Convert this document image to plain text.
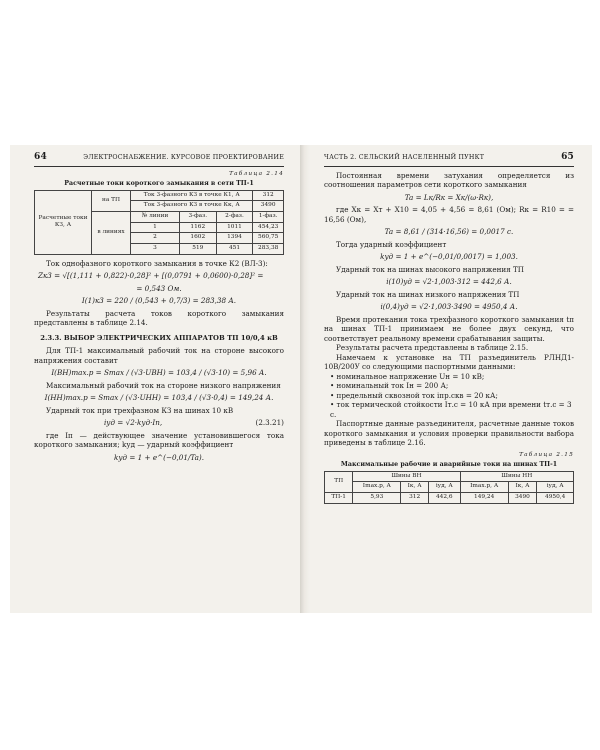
64	ЭЛЕКТРОСНАБЖЕНИЕ. КУРСОВОЕ ПРОЕКТИРОВАНИЕ
Таблица 2.14
Расчетные токи короткого замыкания в сети ТП-1
Расчетные токи КЗ, А	на ТП	Ток 3-фазного КЗ в точке К1, А			312
		Ток 3-фазного КЗ в точке Кк, А			3490
	в линиях	№ линии	3-фаз.	2-фаз.	1-фаз.
		1	1162	1011	454,23
		2	1602	1394	560,75
		3	519	451	283,38

Ток однофазного короткого замыкания в точке К2 (ВЛ-3):

Zк3 = √[(1,111 + 0,822)·0,28]² + [(0,0791 + 0,0600)·0,28]² =
= 0,543 Ом.
I(1)к3 = 220 / (0,543 + 0,7/3) = 283,38 А.

Результаты расчета токов короткого замыкания представлены в таблице 2.14.

2.3.3. ВЫБОР ЭЛЕКТРИЧЕСКИХ АППАРАТОВ ТП 10/0,4 кВ

Для ТП-1 максимальный рабочий ток на стороне высокого напряжения составит

I(ВН)max.р = Smax / (√3·UВН) = 103,4 / (√3·10) = 5,96 А.

Максимальный рабочий ток на стороне низкого напряжения

I(НН)max.р = Smax / (√3·UНН) = 103,4 / (√3·0,4) = 149,24 А.

Ударный ток при трехфазном КЗ на шинах 10 кВ

iуд = √2·kуд·Iп,	(2.3.21)

где Iп — действующее значение установившегося тока короткого замыкания; kуд — ударный коэффициент

kуд = 1 + e^(−0,01/Ta).
ЧАСТЬ 2. СЕЛЬСКИЙ НАСЕЛЕННЫЙ ПУНКТ	65

Постоянная времени затухания определяется из соотношения параметров сети короткого замыкания

Ta = Lк/Rк = Xк/(ω·Rк),

где Xк = Xт + X10 = 4,05 + 4,56 = 8,61 (Ом); Rк = R10 = = 16,56 (Ом),

Ta = 8,61 / (314·16,56) = 0,0017 с.

Тогда ударный коэффициент

kуд = 1 + e^(−0,01/0,0017) = 1,003.

Ударный ток на шинах высокого напряжения ТП

i(10)уд = √2·1,003·312 = 442,6 А.

Ударный ток на шинах низкого напряжения ТП

i(0,4)уд = √2·1,003·3490 = 4950,4 А.

Время протекания тока трехфазного короткого замыкания tп на шинах ТП-1 принимаем не более двух секунд, что соответствует реальному времени срабатывания защиты.

Результаты расчета представлены в таблице 2.15.

Намечаем к установке на ТП разъединитель РЛНД1-10В/200У со следующими паспортными данными:

• номинальное напряжение Uн = 10 кВ;

• номинальный ток Iн = 200 А;

• предельный сквозной ток iпр.скв = 20 кА;

• ток термической стойкости Iт.с = 10 кА при времени tт.с = 3 с.

Паспортные данные разъединителя, расчетные данные токов короткого замыкания и условия проверки правильности выбора приведены в таблице 2.16.

Таблица 2.15
Максимальные рабочие и аварийные токи на шинах ТП-1
ТП	Шины ВН			Шины НН		
	Imax.p, А	Iк, А	iуд, А	Imax.p, А	Iк, А	iуд, А
ТП-1	5,93	312	442,6	149,24	3490	4950,4
